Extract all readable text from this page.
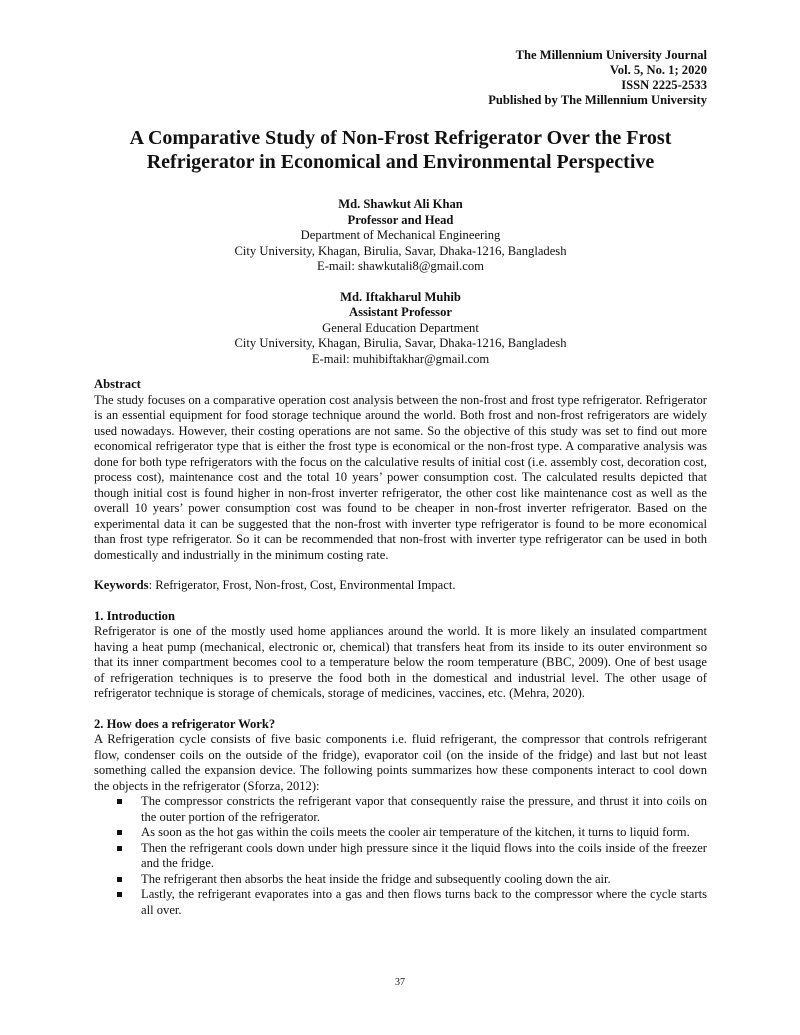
The Millennium University Journal
Vol. 5, No. 1; 2020
ISSN 2225-2533
Published by The Millennium University
A Comparative Study of Non-Frost Refrigerator Over the Frost
Refrigerator in Economical and Environmental Perspective
Md. Shawkut Ali Khan
Professor and Head
Department of Mechanical Engineering
City University, Khagan, Birulia, Savar, Dhaka-1216, Bangladesh
E-mail: shawkutali8@gmail.com
Md. Iftakharul Muhib
Assistant Professor
General Education Department
City University, Khagan, Birulia, Savar, Dhaka-1216, Bangladesh
E-mail: muhibiftakhar@gmail.com
Abstract

The study focuses on a comparative operation cost analysis between the non-frost and frost type refrigerator. Refrigerator is an essential equipment for food storage technique around the world. Both frost and non-frost refrigerators are widely used nowadays. However, their costing operations are not same. So the objective of this study was set to find out more economical refrigerator type that is either the frost type is economical or the non-frost type. A comparative analysis was done for both type refrigerators with the focus on the calculative results of initial cost (i.e. assembly cost, decoration cost, process cost), maintenance cost and the total 10 years’ power consumption cost. The calculated results depicted that though initial cost is found higher in non-frost inverter refrigerator, the other cost like maintenance cost as well as the overall 10 years’ power consumption cost was found to be cheaper in non-frost inverter refrigerator. Based on the experimental data it can be suggested that the non-frost with inverter type refrigerator is found to be more economical than frost type refrigerator. So it can be recommended that non-frost with inverter type refrigerator can be used in both domestically and industrially in the minimum costing rate.

Keywords: Refrigerator, Frost, Non-frost, Cost, Environmental Impact.

1. Introduction

Refrigerator is one of the mostly used home appliances around the world. It is more likely an insulated compartment having a heat pump (mechanical, electronic or, chemical) that transfers heat from its inside to its outer environment so that its inner compartment becomes cool to a temperature below the room temperature (BBC, 2009). One of best usage of refrigeration techniques is to preserve the food both in the domestical and industrial level. The other usage of refrigerator technique is storage of chemicals, storage of medicines, vaccines, etc. (Mehra, 2020).

2. How does a refrigerator Work?

A Refrigeration cycle consists of five basic components i.e. fluid refrigerant, the compressor that controls refrigerant flow, condenser coils on the outside of the fridge), evaporator coil (on the inside of the fridge) and last but not least something called the expansion device. The following points summarizes how these components interact to cool down the objects in the refrigerator (Sforza, 2012):

The compressor constricts the refrigerant vapor that consequently raise the pressure, and thrust it into coils on the outer portion of the refrigerator.
As soon as the hot gas within the coils meets the cooler air temperature of the kitchen, it turns to liquid form.
Then the refrigerant cools down under high pressure since it the liquid flows into the coils inside of the freezer and the fridge.
The refrigerant then absorbs the heat inside the fridge and subsequently cooling down the air.
Lastly, the refrigerant evaporates into a gas and then flows turns back to the compressor where the cycle starts all over.
37
